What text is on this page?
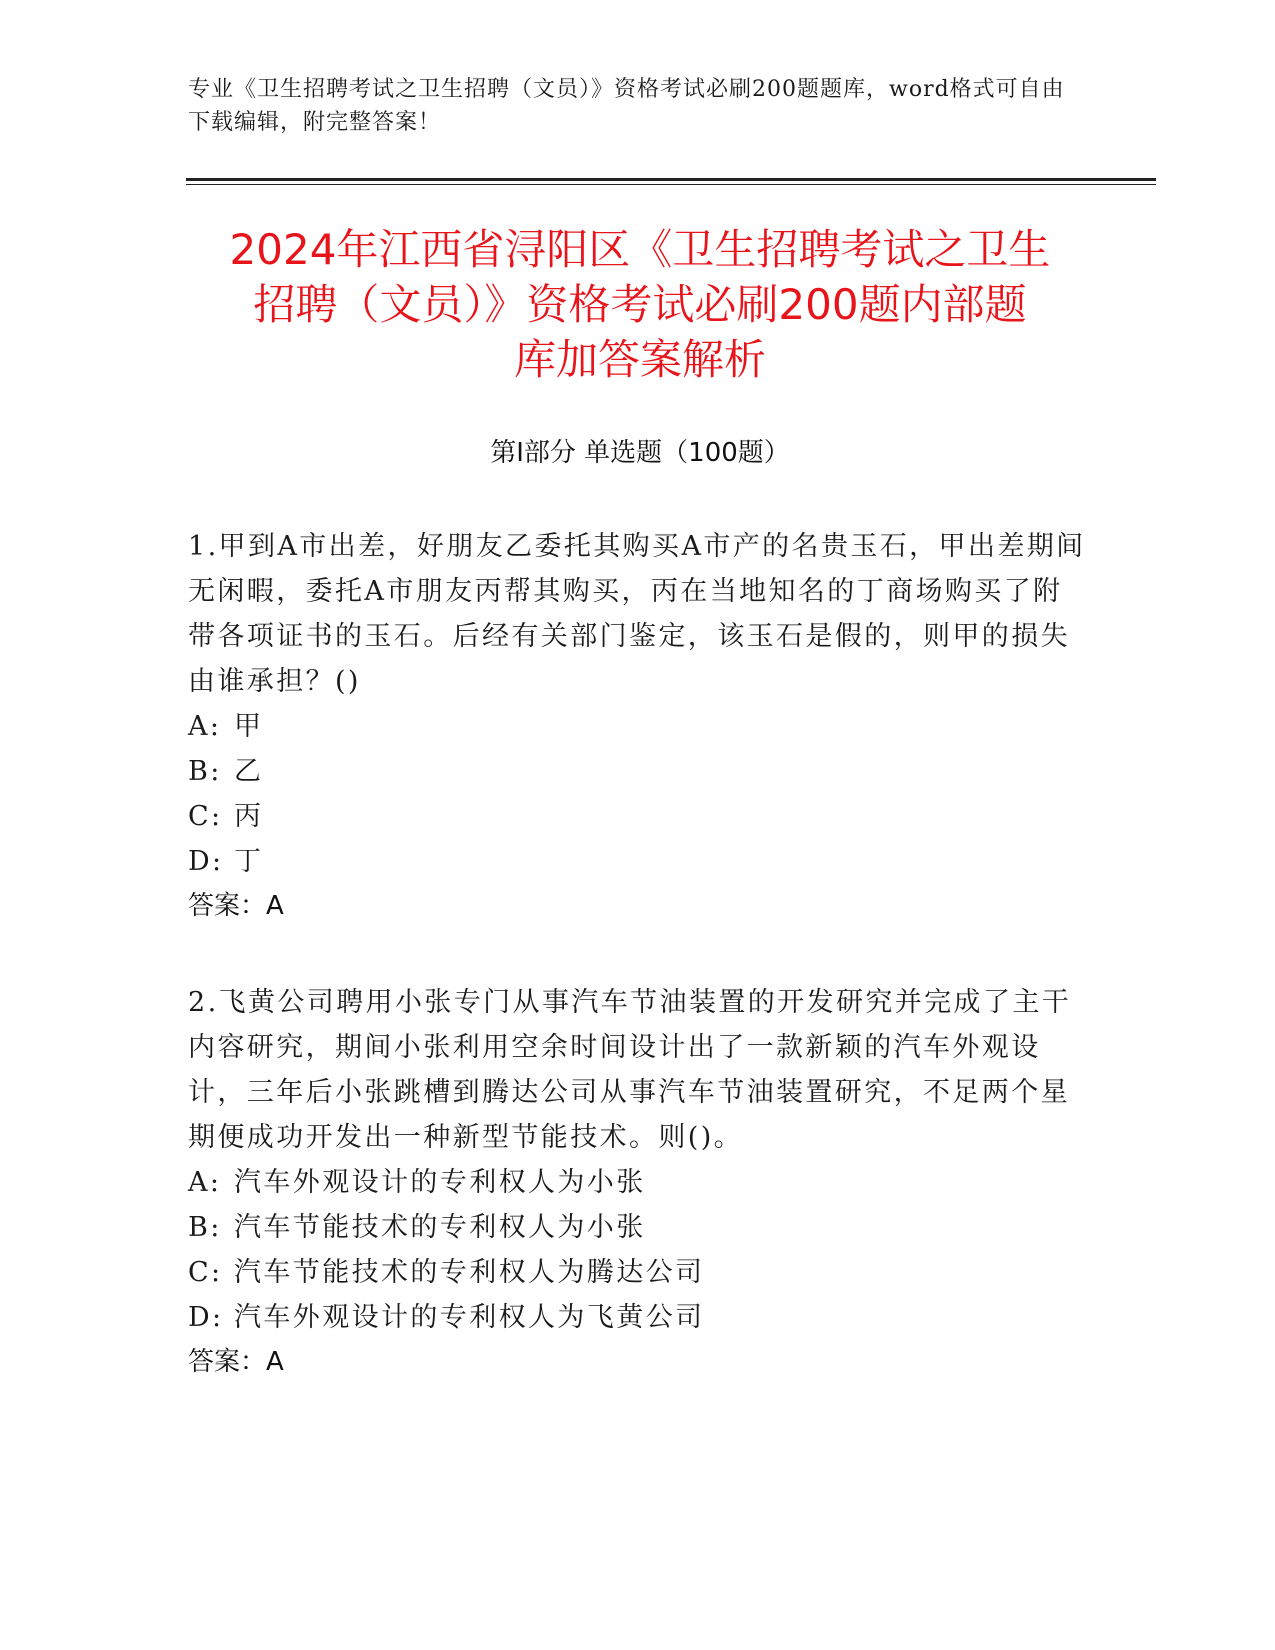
专业《卫生招聘考试之卫生招聘（文员）》资格考试必刷200题题库，word格式可自由下载编辑，附完整答案！

2024年江西省浔阳区《卫生招聘考试之卫生
招聘（文员）》资格考试必刷200题内部题
库加答案解析
第Ⅰ部分 单选题（100题）

1.甲到A市出差，好朋友乙委托其购买A市产的名贵玉石，甲出差期间无闲暇，委托A市朋友丙帮其购买，丙在当地知名的丁商场购买了附带各项证书的玉石。后经有关部门鉴定，该玉石是假的，则甲的损失由谁承担？()

A: 甲

B: 乙

C: 丙

D: 丁

答案：A

2.飞黄公司聘用小张专门从事汽车节油装置的开发研究并完成了主干内容研究，期间小张利用空余时间设计出了一款新颖的汽车外观设计，三年后小张跳槽到腾达公司从事汽车节油装置研究，不足两个星期便成功开发出一种新型节能技术。则()。

A: 汽车外观设计的专利权人为小张

B: 汽车节能技术的专利权人为小张

C: 汽车节能技术的专利权人为腾达公司

D: 汽车外观设计的专利权人为飞黄公司

答案：A
